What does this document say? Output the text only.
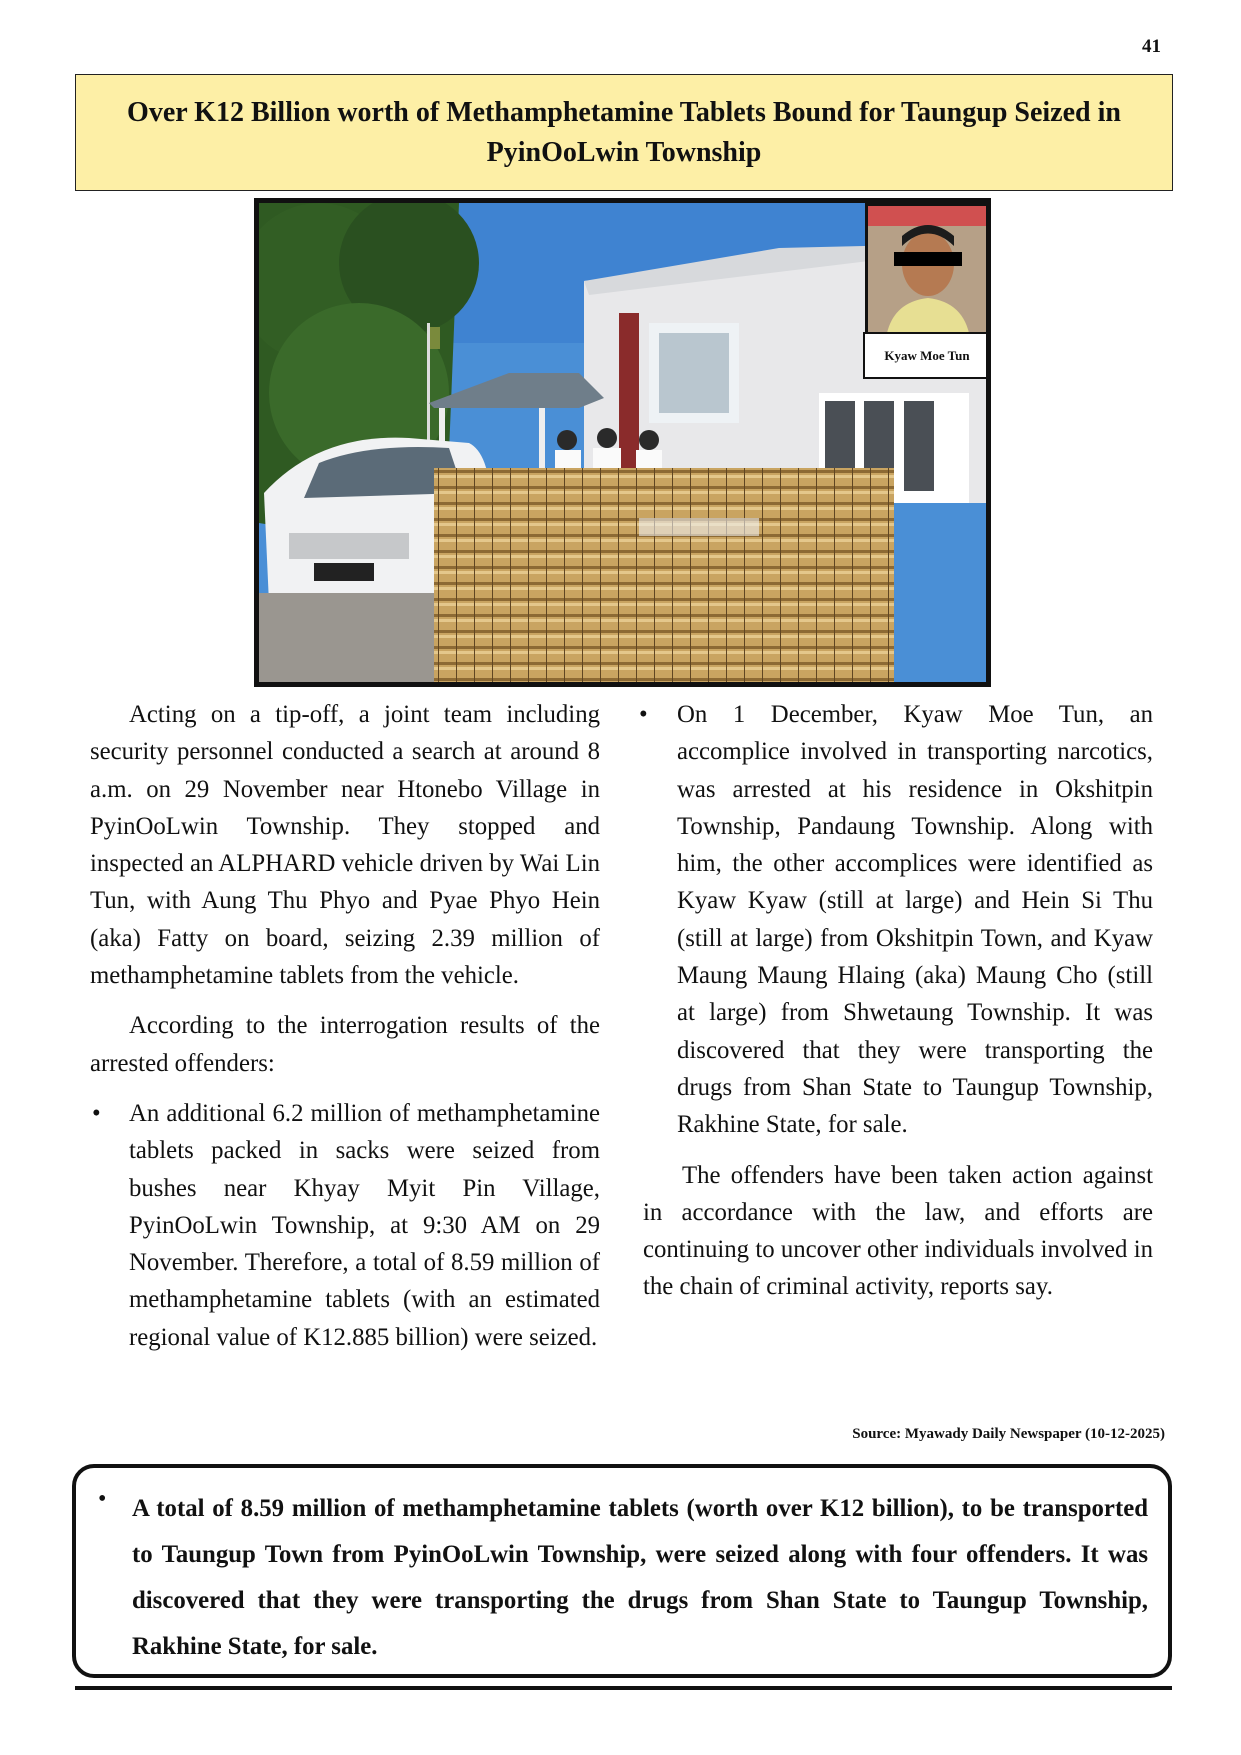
41
Over K12 Billion worth of Methamphetamine Tablets Bound for Taungup Seized in PyinOoLwin Township
Kyaw Moe Tun

Acting on a tip-off, a joint team including security personnel conducted a search at around 8 a.m. on 29 November near Htonebo Village in PyinOoLwin Township. They stopped and inspected an ALPHARD vehicle driven by Wai Lin Tun, with Aung Thu Phyo and Pyae Phyo Hein (aka) Fatty on board, seizing 2.39 million of methamphetamine tablets from the vehicle.

According to the interrogation results of the arrested offenders:

• An additional 6.2 million of methamphetamine tablets packed in sacks were seized from bushes near Khyay Myit Pin Village, PyinOoLwin Township, at 9:30 AM on 29 November. Therefore, a total of 8.59 million of methamphetamine tablets (with an estimated regional value of K12.885 billion) were seized.
• On 1 December, Kyaw Moe Tun, an accomplice involved in transporting narcotics, was arrested at his residence in Okshitpin Township, Pandaung Township. Along with him, the other accomplices were identified as Kyaw Kyaw (still at large) and Hein Si Thu (still at large) from Okshitpin Town, and Kyaw Maung Maung Hlaing (aka) Maung Cho (still at large) from Shwetaung Township. It was discovered that they were transporting the drugs from Shan State to Taungup Township, Rakhine State, for sale.

The offenders have been taken action against in accordance with the law, and efforts are continuing to uncover other individuals involved in the chain of criminal activity, reports say.

Source: Myawady Daily Newspaper (10-12-2025)
• A total of 8.59 million of methamphetamine tablets (worth over K12 billion), to be transported to Taungup Town from PyinOoLwin Township, were seized along with four offenders. It was discovered that they were transporting the drugs from Shan State to Taungup Township, Rakhine State, for sale.
